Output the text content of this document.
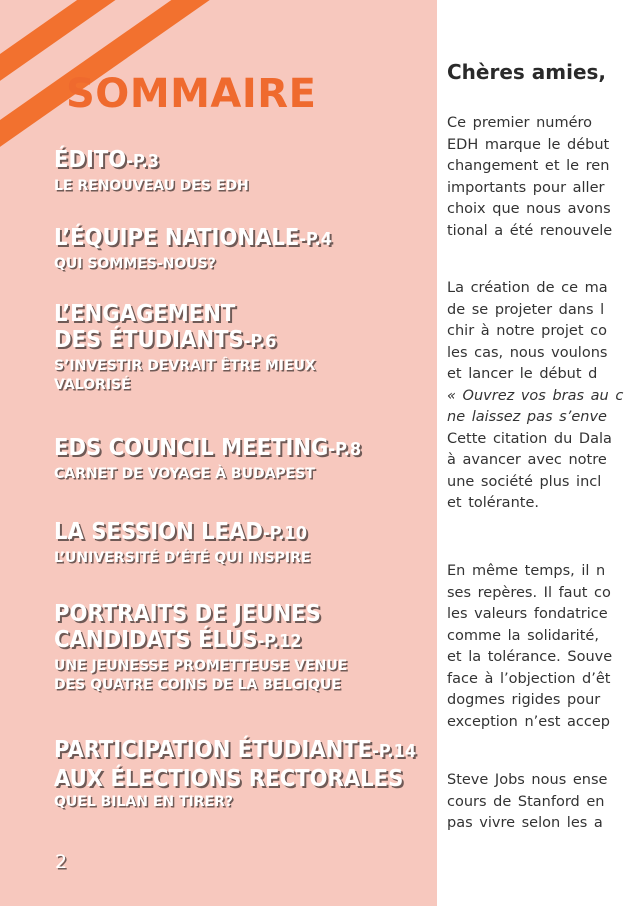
SOMMAIRE
ÉDITO-P.3
LE RENOUVEAU DES EDH
L’ÉQUIPE NATIONALE-P.4
QUI SOMMES-NOUS?
L’ENGAGEMENT
DES ÉTUDIANTS-P.6
S’INVESTIR DEVRAIT ÊTRE MIEUX
VALORISÉ
EDS COUNCIL MEETING-P.8
CARNET DE VOYAGE À BUDAPEST
LA SESSION LEAD-P.10
L’UNIVERSITÉ D’ÉTÉ QUI INSPIRE
PORTRAITS DE JEUNES
CANDIDATS ÉLUS-P.12
UNE JEUNESSE PROMETTEUSE VENUE
DES QUATRE COINS DE LA BELGIQUE
PARTICIPATION ÉTUDIANTE-P.14
AUX ÉLECTIONS RECTORALES
QUEL BILAN EN TIRER?
2
Chères amies,
Ce premier numéro
EDH marque le début
changement et le ren
importants pour aller
choix que nous avons
tional a été renouvele
La création de ce ma
de se projeter dans l
chir à notre projet co
les cas, nous voulons
et lancer le début d
« Ouvrez vos bras au c
ne laissez pas s’enve
Cette citation du Dala
à avancer avec notre
une société plus incl
et tolérante.
En même temps, il n
ses repères. Il faut co
les valeurs fondatrice
comme la solidarité,
et la tolérance. Souve
face à l’objection d’êt
dogmes rigides pour
exception n’est accep
Steve Jobs nous ense
cours de Stanford en
pas vivre selon les a
